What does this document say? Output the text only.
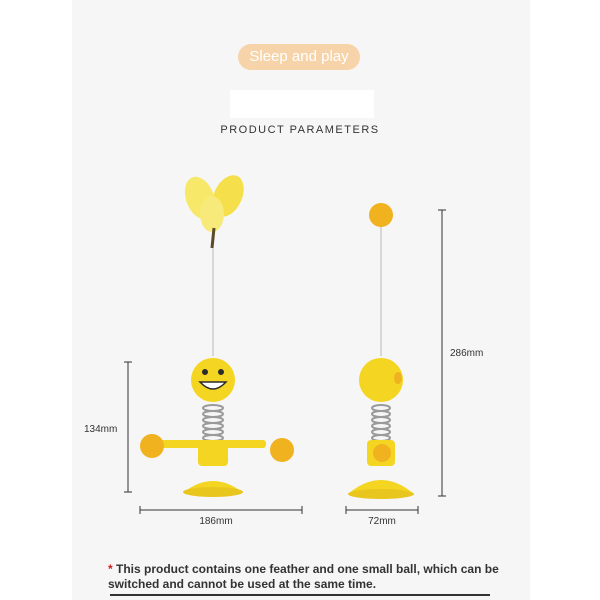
Sleep and play
PRODUCT PARAMETERS
134mm
186mm	72mm
286mm
* This product contains one feather and one small ball, which can be switched and cannot be used at the same time.
